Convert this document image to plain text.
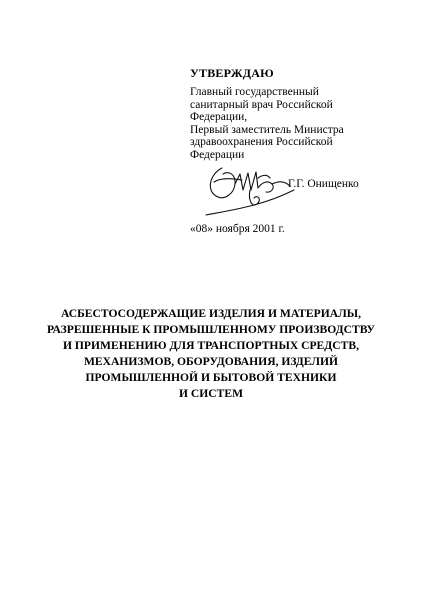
УТВЕРЖДАЮ
Главный государственный
санитарный врач Российской
Федерации,
Первый заместитель Министра
здравоохранения Российской
Федерации
Г.Г. Онищенко
«08» ноября 2001 г.
АСБЕСТОСОДЕРЖАЩИЕ ИЗДЕЛИЯ И МАТЕРИАЛЫ,
РАЗРЕШЕННЫЕ К ПРОМЫШЛЕННОМУ ПРОИЗВОДСТВУ
И ПРИМЕНЕНИЮ ДЛЯ ТРАНСПОРТНЫХ СРЕДСТВ,
МЕХАНИЗМОВ, ОБОРУДОВАНИЯ, ИЗДЕЛИЙ
ПРОМЫШЛЕННОЙ И БЫТОВОЙ ТЕХНИКИ
И СИСТЕМ
